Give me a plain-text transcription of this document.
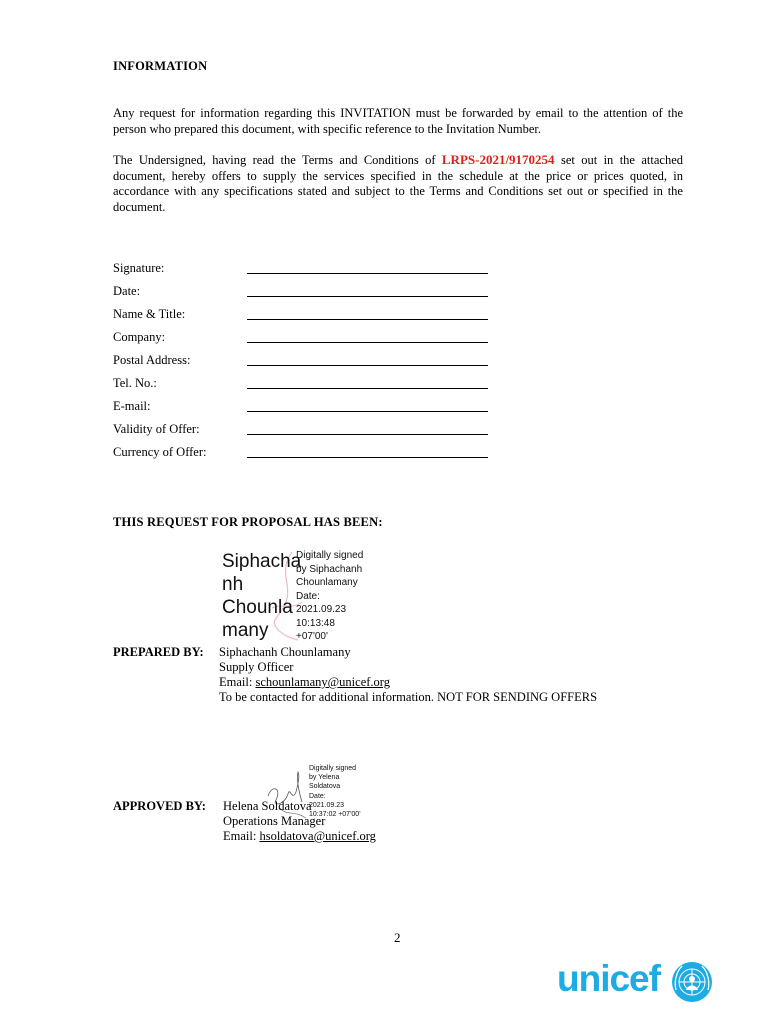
INFORMATION
Any request for information regarding this INVITATION must be forwarded by email to the attention of the person who prepared this document, with specific reference to the Invitation Number.
The Undersigned, having read the Terms and Conditions of LRPS-2021/9170254 set out in the attached document, hereby offers to supply the services specified in the schedule at the price or prices quoted, in accordance with any specifications stated and subject to the Terms and Conditions set out or specified in the document.
Signature:
Date:
Name & Title:
Company:
Postal Address:
Tel. No.:
E-mail:
Validity of Offer:
Currency of Offer:
THIS REQUEST FOR PROPOSAL HAS BEEN:
Siphacha
nh
Chounla
many
Digitally signed
by Siphachanh
Chounlamany
Date:
2021.09.23
10:13:48
+07'00'
PREPARED BY: Siphachanh Chounlamany
Supply Officer
Email: schounlamany@unicef.org
To be contacted for additional information. NOT FOR SENDING OFFERS
Digitally signed
by Yelena
Soldatova
Date:
2021.09.23
10:37:02 +07'00'
APPROVED BY: Helena Soldatova
Operations Manager
Email: hsoldatova@unicef.org
2
unicef
